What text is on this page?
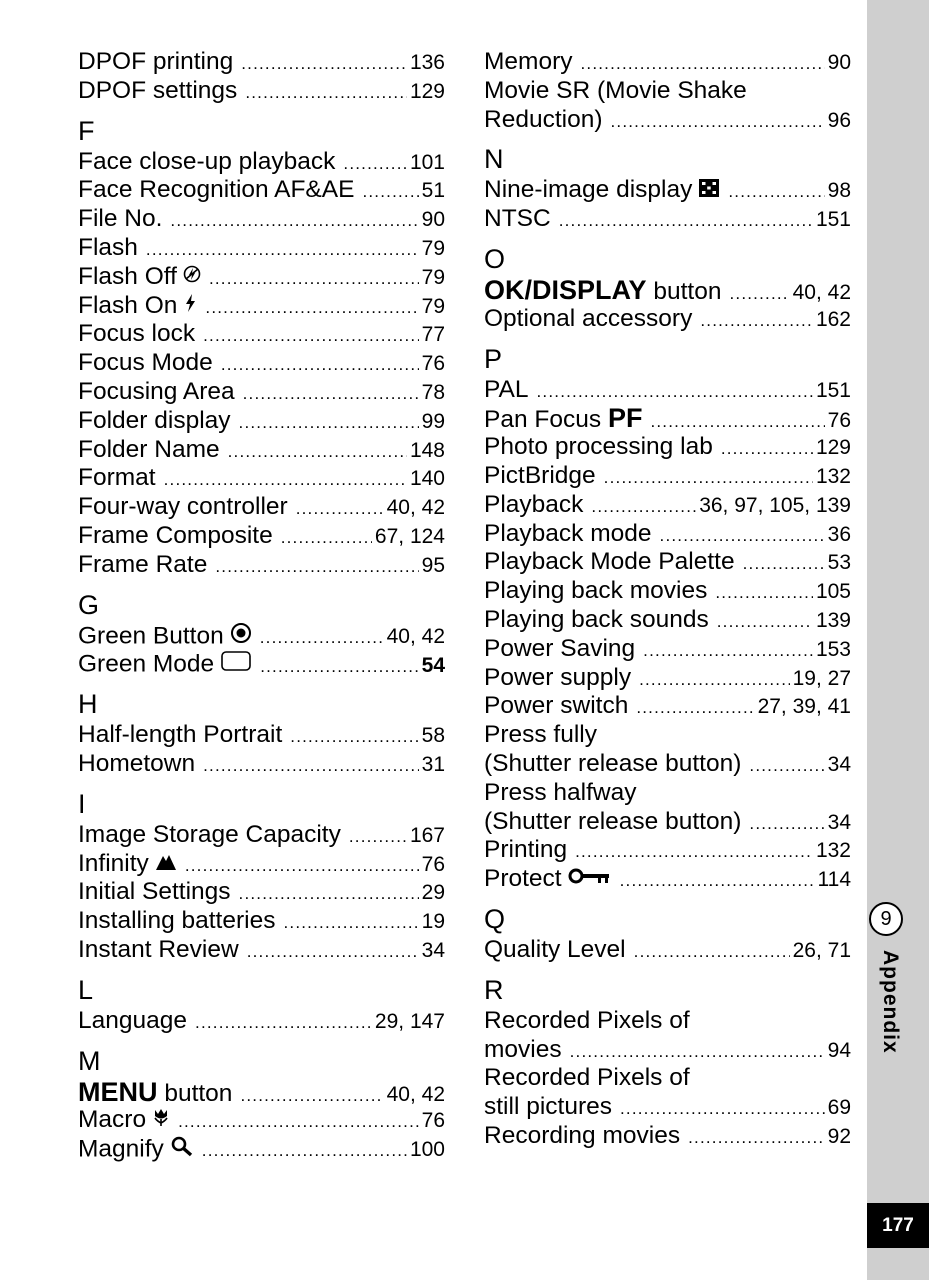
DPOF printing .....	136
DPOF settings .....	129
F
Face close-up playback .....	101
Face Recognition AF&AE .....	51
File No. .....	90
Flash .....	79
Flash Off .....	79
Flash On .....	79
Focus lock .....	77
Focus Mode .....	76
Focusing Area .....	78
Folder display .....	99
Folder Name .....	148
Format .....	140
Four-way controller .....	40, 42
Frame Composite .....	67, 124
Frame Rate .....	95
G
Green Button .....	40, 42
Green Mode .....	54
H
Half-length Portrait .....	58
Hometown .....	31
I
Image Storage Capacity .....	167
Infinity .....	76
Initial Settings .....	29
Installing batteries .....	19
Instant Review .....	34
L
Language .....	29, 147
M
MENU button .....	40, 42
Macro .....	76
Magnify .....	100
Memory .....	90
Movie SR (Movie Shake
Reduction) .....	96
N
Nine-image display .....	98
NTSC .....	151
O
OK/DISPLAY button .....	40, 42
Optional accessory .....	162
P
PAL .....	151
Pan Focus PF .....	76
Photo processing lab .....	129
PictBridge .....	132
Playback .....	36, 97, 105, 139
Playback mode .....	36
Playback Mode Palette .....	53
Playing back movies .....	105
Playing back sounds .....	139
Power Saving .....	153
Power supply .....	19, 27
Power switch .....	27, 39, 41
Press fully
(Shutter release button) .....	34
Press halfway
(Shutter release button) .....	34
Printing .....	132
Protect .....	114
Q
Quality Level .....	26, 71
R
Recorded Pixels of
movies .....	94
Recorded Pixels of
still pictures .....	69
Recording movies .....	92
9
Appendix
177
